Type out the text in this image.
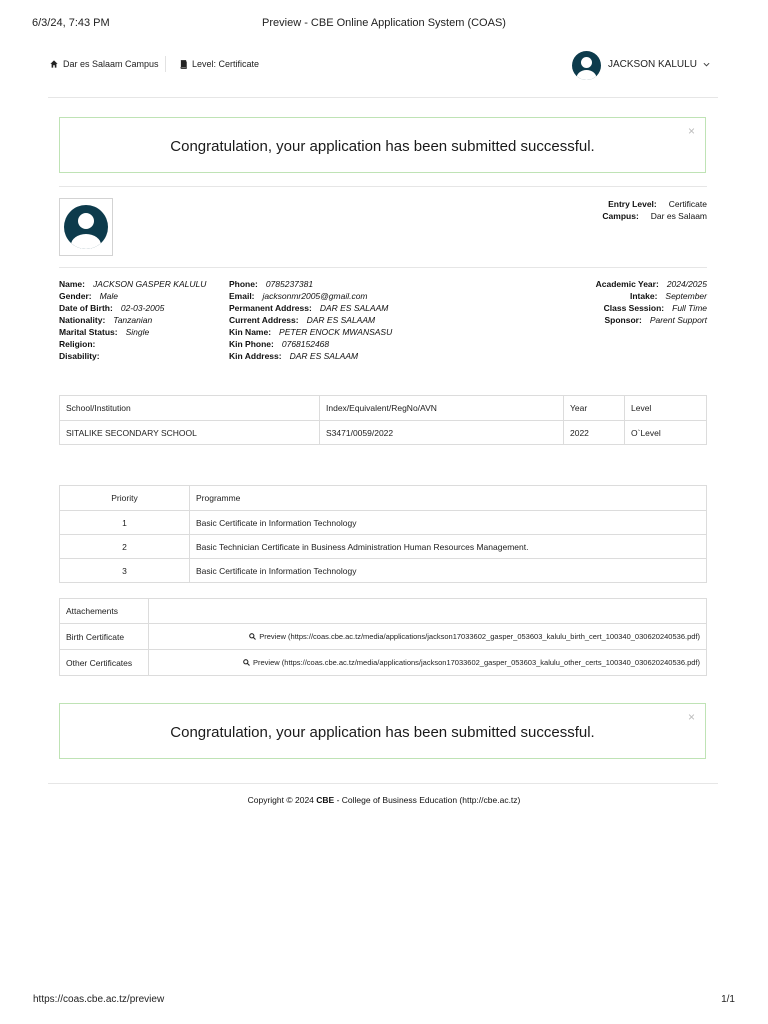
6/3/24, 7:43 PM	Preview - CBE Online Application System (COAS)
Dar es Salaam Campus	Level: Certificate	JACKSON KALULU
Congratulation, your application has been submitted successful.
×
Entry Level: Certificate
Campus: Dar es Salaam
Name: JACKSON GASPER KALULU
Gender: Male
Date of Birth: 02-03-2005
Nationality: Tanzanian
Marital Status: Single
Religion:
Disability:
Phone: 0785237381
Email: jacksonmr2005@gmail.com
Permanent Address: DAR ES SALAAM
Current Address: DAR ES SALAAM
Kin Name: PETER ENOCK MWANSASU
Kin Phone: 0768152468
Kin Address: DAR ES SALAAM
Academic Year: 2024/2025
Intake: September
Class Session: Full Time
Sponsor: Parent Support
School/Institution	Index/Equivalent/RegNo/AVN	Year	Level
SITALIKE SECONDARY SCHOOL	S3471/0059/2022	2022	O`Level
Priority	Programme
1	Basic Certificate in Information Technology
2	Basic Technician Certificate in Business Administration Human Resources Management.
3	Basic Certificate in Information Technology
Attachements	
Birth Certificate	Preview (https://coas.cbe.ac.tz/media/applications/jackson17033602_gasper_053603_kalulu_birth_cert_100340_030620240536.pdf)

Other Certificates	Preview (https://coas.cbe.ac.tz/media/applications/jackson17033602_gasper_053603_kalulu_other_certs_100340_030620240536.pdf)
Congratulation, your application has been submitted successful.
×
Copyright © 2024 CBE - College of Business Education (http://cbe.ac.tz)
https://coas.cbe.ac.tz/preview	1/1
